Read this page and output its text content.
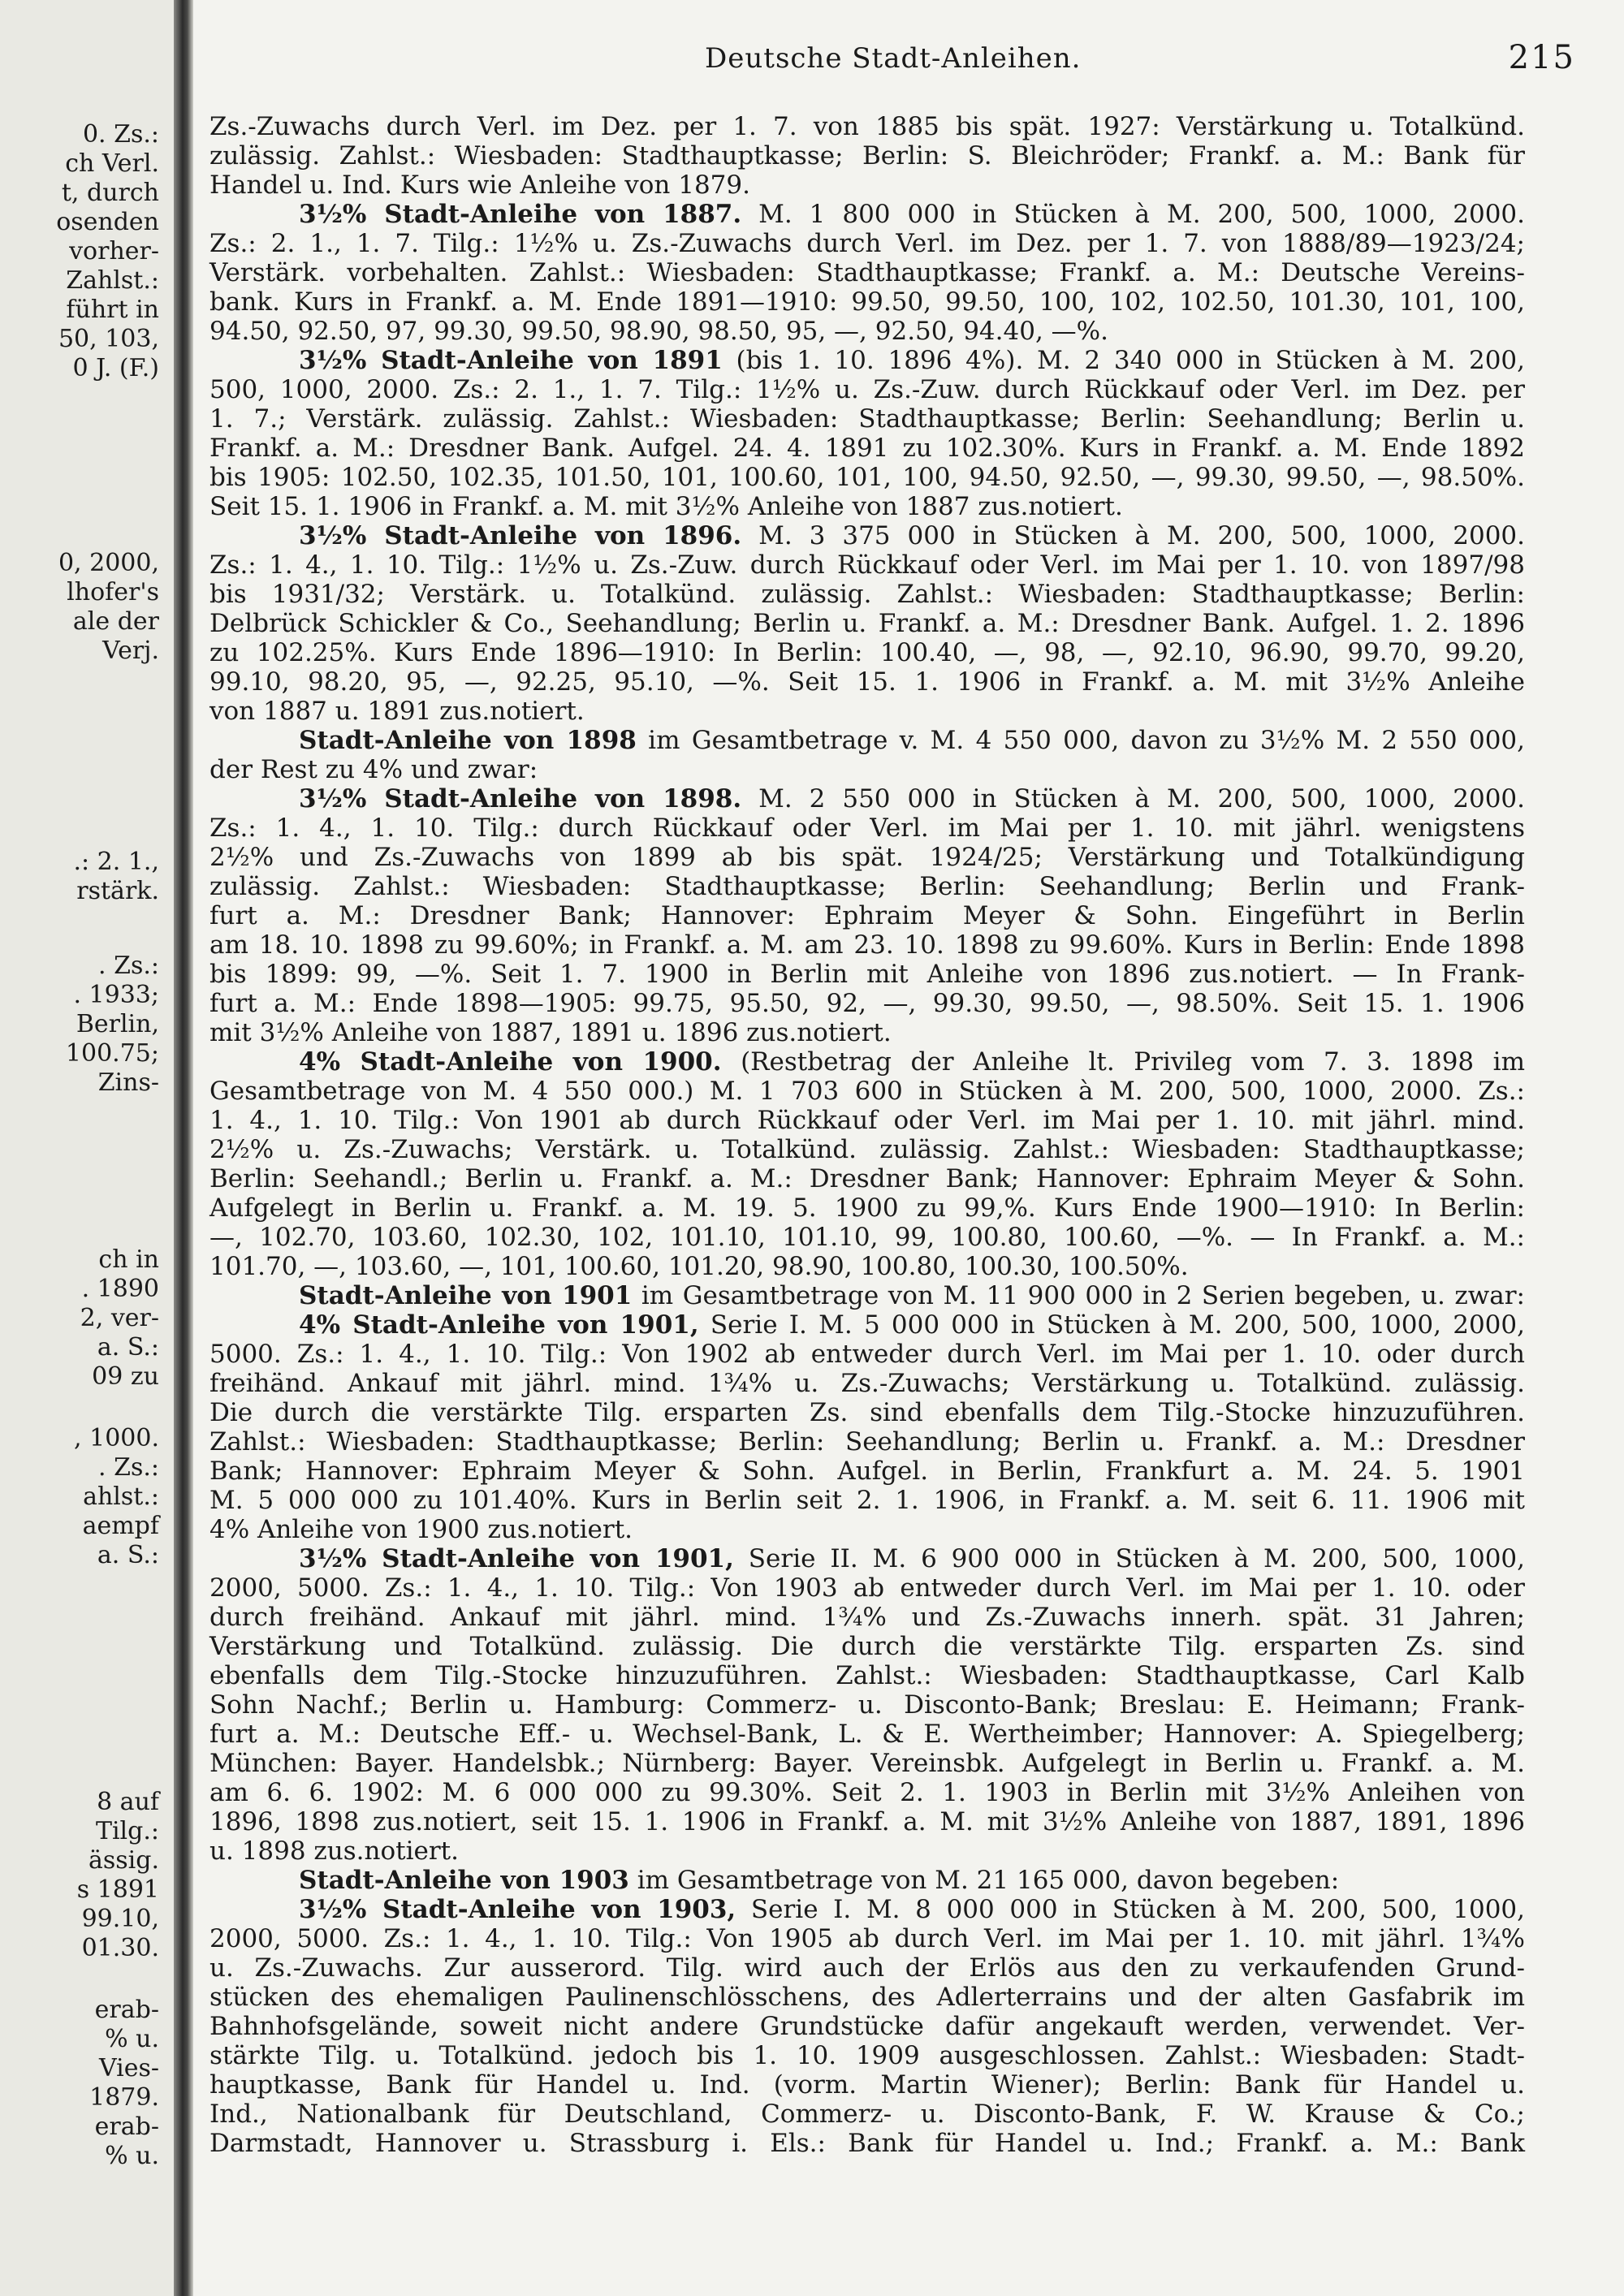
0. Zs.:
ch Verl.
t, durch
osenden
vorher-
Zahlst.:
führt in
50, 103,
0 J. (F.)
0, 2000,
lhofer's
ale der
Verj.
.: 2. 1.,
rstärk.
. Zs.:
. 1933;
Berlin,
100.75;
Zins-
ch in
. 1890
2, ver-
a. S.:
09 zu
, 1000.
. Zs.:
ahlst.:
aempf
a. S.:
8 auf
Tilg.:
ässig.
s 1891
99.10,
01.30.
erab-
% u.
Vies-
1879.
erab-
% u.
Deutsche Stadt-Anleihen.	215
Zs.-Zuwachs durch Verl. im Dez. per 1. 7. von 1885 bis spät. 1927: Verstärkung u. Totalkünd.
zulässig. Zahlst.: Wiesbaden: Stadthauptkasse; Berlin: S. Bleichröder; Frankf. a. M.: Bank für
Handel u. Ind. Kurs wie Anleihe von 1879.
3½% Stadt-Anleihe von 1887. M. 1 800 000 in Stücken à M. 200, 500, 1000, 2000.
Zs.: 2. 1., 1. 7. Tilg.: 1½% u. Zs.-Zuwachs durch Verl. im Dez. per 1. 7. von 1888/89—1923/24;
Verstärk. vorbehalten. Zahlst.: Wiesbaden: Stadthauptkasse; Frankf. a. M.: Deutsche Vereins-
bank. Kurs in Frankf. a. M. Ende 1891—1910: 99.50, 99.50, 100, 102, 102.50, 101.30, 101, 100,
94.50, 92.50, 97, 99.30, 99.50, 98.90, 98.50, 95, —, 92.50, 94.40, —%.
3½% Stadt-Anleihe von 1891 (bis 1. 10. 1896 4%). M. 2 340 000 in Stücken à M. 200,
500, 1000, 2000. Zs.: 2. 1., 1. 7. Tilg.: 1½% u. Zs.-Zuw. durch Rückkauf oder Verl. im Dez. per
1. 7.; Verstärk. zulässig. Zahlst.: Wiesbaden: Stadthauptkasse; Berlin: Seehandlung; Berlin u.
Frankf. a. M.: Dresdner Bank. Aufgel. 24. 4. 1891 zu 102.30%. Kurs in Frankf. a. M. Ende 1892
bis 1905: 102.50, 102.35, 101.50, 101, 100.60, 101, 100, 94.50, 92.50, —, 99.30, 99.50, —, 98.50%.
Seit 15. 1. 1906 in Frankf. a. M. mit 3½% Anleihe von 1887 zus.notiert.
3½% Stadt-Anleihe von 1896. M. 3 375 000 in Stücken à M. 200, 500, 1000, 2000.
Zs.: 1. 4., 1. 10. Tilg.: 1½% u. Zs.-Zuw. durch Rückkauf oder Verl. im Mai per 1. 10. von 1897/98
bis 1931/32; Verstärk. u. Totalkünd. zulässig. Zahlst.: Wiesbaden: Stadthauptkasse; Berlin:
Delbrück Schickler & Co., Seehandlung; Berlin u. Frankf. a. M.: Dresdner Bank. Aufgel. 1. 2. 1896
zu 102.25%. Kurs Ende 1896—1910: In Berlin: 100.40, —, 98, —, 92.10, 96.90, 99.70, 99.20,
99.10, 98.20, 95, —, 92.25, 95.10, —%. Seit 15. 1. 1906 in Frankf. a. M. mit 3½% Anleihe
von 1887 u. 1891 zus.notiert.
Stadt-Anleihe von 1898 im Gesamtbetrage v. M. 4 550 000, davon zu 3½% M. 2 550 000,
der Rest zu 4% und zwar:
3½% Stadt-Anleihe von 1898. M. 2 550 000 in Stücken à M. 200, 500, 1000, 2000.
Zs.: 1. 4., 1. 10. Tilg.: durch Rückkauf oder Verl. im Mai per 1. 10. mit jährl. wenigstens
2½% und Zs.-Zuwachs von 1899 ab bis spät. 1924/25; Verstärkung und Totalkündigung
zulässig. Zahlst.: Wiesbaden: Stadthauptkasse; Berlin: Seehandlung; Berlin und Frank-
furt a. M.: Dresdner Bank; Hannover: Ephraim Meyer & Sohn. Eingeführt in Berlin
am 18. 10. 1898 zu 99.60%; in Frankf. a. M. am 23. 10. 1898 zu 99.60%. Kurs in Berlin: Ende 1898
bis 1899: 99, —%. Seit 1. 7. 1900 in Berlin mit Anleihe von 1896 zus.notiert. — In Frank-
furt a. M.: Ende 1898—1905: 99.75, 95.50, 92, —, 99.30, 99.50, —, 98.50%. Seit 15. 1. 1906
mit 3½% Anleihe von 1887, 1891 u. 1896 zus.notiert.
4% Stadt-Anleihe von 1900. (Restbetrag der Anleihe lt. Privileg vom 7. 3. 1898 im
Gesamtbetrage von M. 4 550 000.) M. 1 703 600 in Stücken à M. 200, 500, 1000, 2000. Zs.:
1. 4., 1. 10. Tilg.: Von 1901 ab durch Rückkauf oder Verl. im Mai per 1. 10. mit jährl. mind.
2½% u. Zs.-Zuwachs; Verstärk. u. Totalkünd. zulässig. Zahlst.: Wiesbaden: Stadthauptkasse;
Berlin: Seehandl.; Berlin u. Frankf. a. M.: Dresdner Bank; Hannover: Ephraim Meyer & Sohn.
Aufgelegt in Berlin u. Frankf. a. M. 19. 5. 1900 zu 99,%. Kurs Ende 1900—1910: In Berlin:
—, 102.70, 103.60, 102.30, 102, 101.10, 101.10, 99, 100.80, 100.60, —%. — In Frankf. a. M.:
101.70, —, 103.60, —, 101, 100.60, 101.20, 98.90, 100.80, 100.30, 100.50%.
Stadt-Anleihe von 1901 im Gesamtbetrage von M. 11 900 000 in 2 Serien begeben, u. zwar:
4% Stadt-Anleihe von 1901, Serie I. M. 5 000 000 in Stücken à M. 200, 500, 1000, 2000,
5000. Zs.: 1. 4., 1. 10. Tilg.: Von 1902 ab entweder durch Verl. im Mai per 1. 10. oder durch
freihänd. Ankauf mit jährl. mind. 1¾% u. Zs.-Zuwachs; Verstärkung u. Totalkünd. zulässig.
Die durch die verstärkte Tilg. ersparten Zs. sind ebenfalls dem Tilg.-Stocke hinzuzuführen.
Zahlst.: Wiesbaden: Stadthauptkasse; Berlin: Seehandlung; Berlin u. Frankf. a. M.: Dresdner
Bank; Hannover: Ephraim Meyer & Sohn. Aufgel. in Berlin, Frankfurt a. M. 24. 5. 1901
M. 5 000 000 zu 101.40%. Kurs in Berlin seit 2. 1. 1906, in Frankf. a. M. seit 6. 11. 1906 mit
4% Anleihe von 1900 zus.notiert.
3½% Stadt-Anleihe von 1901, Serie II. M. 6 900 000 in Stücken à M. 200, 500, 1000,
2000, 5000. Zs.: 1. 4., 1. 10. Tilg.: Von 1903 ab entweder durch Verl. im Mai per 1. 10. oder
durch freihänd. Ankauf mit jährl. mind. 1¾% und Zs.-Zuwachs innerh. spät. 31 Jahren;
Verstärkung und Totalkünd. zulässig. Die durch die verstärkte Tilg. ersparten Zs. sind
ebenfalls dem Tilg.-Stocke hinzuzuführen. Zahlst.: Wiesbaden: Stadthauptkasse, Carl Kalb
Sohn Nachf.; Berlin u. Hamburg: Commerz- u. Disconto-Bank; Breslau: E. Heimann; Frank-
furt a. M.: Deutsche Eff.- u. Wechsel-Bank, L. & E. Wertheimber; Hannover: A. Spiegelberg;
München: Bayer. Handelsbk.; Nürnberg: Bayer. Vereinsbk. Aufgelegt in Berlin u. Frankf. a. M.
am 6. 6. 1902: M. 6 000 000 zu 99.30%. Seit 2. 1. 1903 in Berlin mit 3½% Anleihen von
1896, 1898 zus.notiert, seit 15. 1. 1906 in Frankf. a. M. mit 3½% Anleihe von 1887, 1891, 1896
u. 1898 zus.notiert.
Stadt-Anleihe von 1903 im Gesamtbetrage von M. 21 165 000, davon begeben:
3½% Stadt-Anleihe von 1903, Serie I. M. 8 000 000 in Stücken à M. 200, 500, 1000,
2000, 5000. Zs.: 1. 4., 1. 10. Tilg.: Von 1905 ab durch Verl. im Mai per 1. 10. mit jährl. 1¾%
u. Zs.-Zuwachs. Zur ausserord. Tilg. wird auch der Erlös aus den zu verkaufenden Grund-
stücken des ehemaligen Paulinenschlösschens, des Adlerterrains und der alten Gasfabrik im
Bahnhofsgelände, soweit nicht andere Grundstücke dafür angekauft werden, verwendet. Ver-
stärkte Tilg. u. Totalkünd. jedoch bis 1. 10. 1909 ausgeschlossen. Zahlst.: Wiesbaden: Stadt-
hauptkasse, Bank für Handel u. Ind. (vorm. Martin Wiener); Berlin: Bank für Handel u.
Ind., Nationalbank für Deutschland, Commerz- u. Disconto-Bank, F. W. Krause & Co.;
Darmstadt, Hannover u. Strassburg i. Els.: Bank für Handel u. Ind.; Frankf. a. M.: Bank
